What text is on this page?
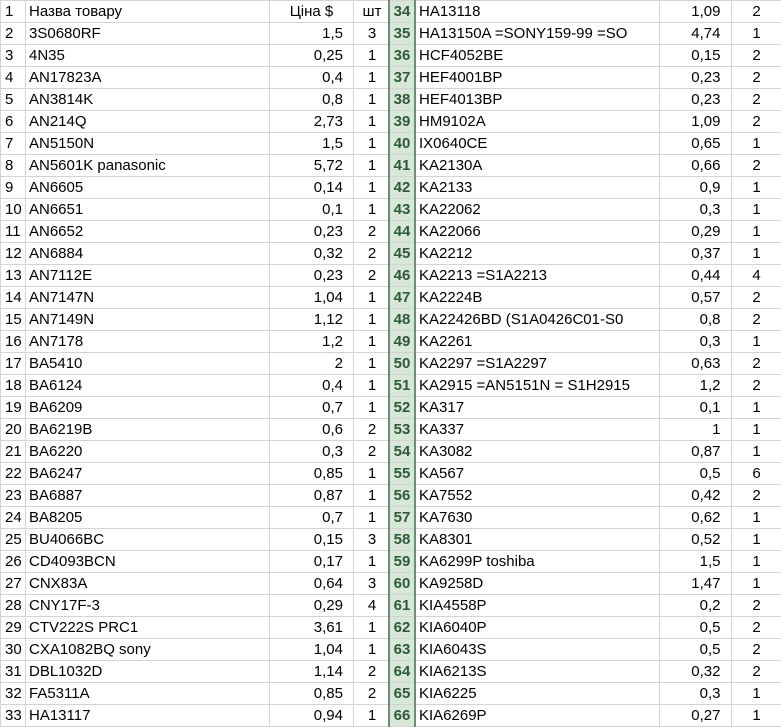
1	Назва товару	Ціна $	шт
2	3S0680RF	1,5	3
3	4N35	0,25	1
4	AN17823A	0,4	1
5	AN3814K	0,8	1
6	AN214Q	2,73	1
7	AN5150N	1,5	1
8	AN5601K panasonic	5,72	1
9	AN6605	0,14	1
10	AN6651	0,1	1
11	AN6652	0,23	2
12	AN6884	0,32	2
13	AN7112E	0,23	2
14	AN7147N	1,04	1
15	AN7149N	1,12	1
16	AN7178	1,2	1
17	BA5410	2	1
18	BA6124	0,4	1
19	BA6209	0,7	1
20	BA6219B	0,6	2
21	BA6220	0,3	2
22	BA6247	0,85	1
23	BA6887	0,87	1
24	BA8205	0,7	1
25	BU4066BC	0,15	3
26	CD4093BCN	0,17	1
27	CNX83A	0,64	3
28	CNY17F-3	0,29	4
29	CTV222S PRC1	3,61	1
30	CXA1082BQ sony	1,04	1
31	DBL1032D	1,14	2
32	FA5311A	0,85	2
33	HA13117	0,94	1
34	HA13118	1,09	2
35	HA13150A =SONY159-99 =SO	4,74	1
36	HCF4052BE	0,15	2
37	HEF4001BP	0,23	2
38	HEF4013BP	0,23	2
39	HM9102A	1,09	2
40	IX0640CE	0,65	1
41	KA2130A	0,66	2
42	KA2133	0,9	1
43	KA22062	0,3	1
44	KA22066	0,29	1
45	KA2212	0,37	1
46	KA2213 =S1A2213	0,44	4
47	KA2224B	0,57	2
48	KA22426BD (S1A0426C01-S0	0,8	2
49	KA2261	0,3	1
50	KA2297 =S1A2297	0,63	2
51	KA2915 =AN5151N = S1H2915	1,2	2
52	KA317	0,1	1
53	KA337	1	1
54	KA3082	0,87	1
55	KA567	0,5	6
56	KA7552	0,42	2
57	KA7630	0,62	1
58	KA8301	0,52	1
59	KA6299P toshiba	1,5	1
60	KA9258D	1,47	1
61	KIA4558P	0,2	2
62	KIA6040P	0,5	2
63	KIA6043S	0,5	2
64	KIA6213S	0,32	2
65	KIA6225	0,3	1
66	KIA6269P	0,27	1
